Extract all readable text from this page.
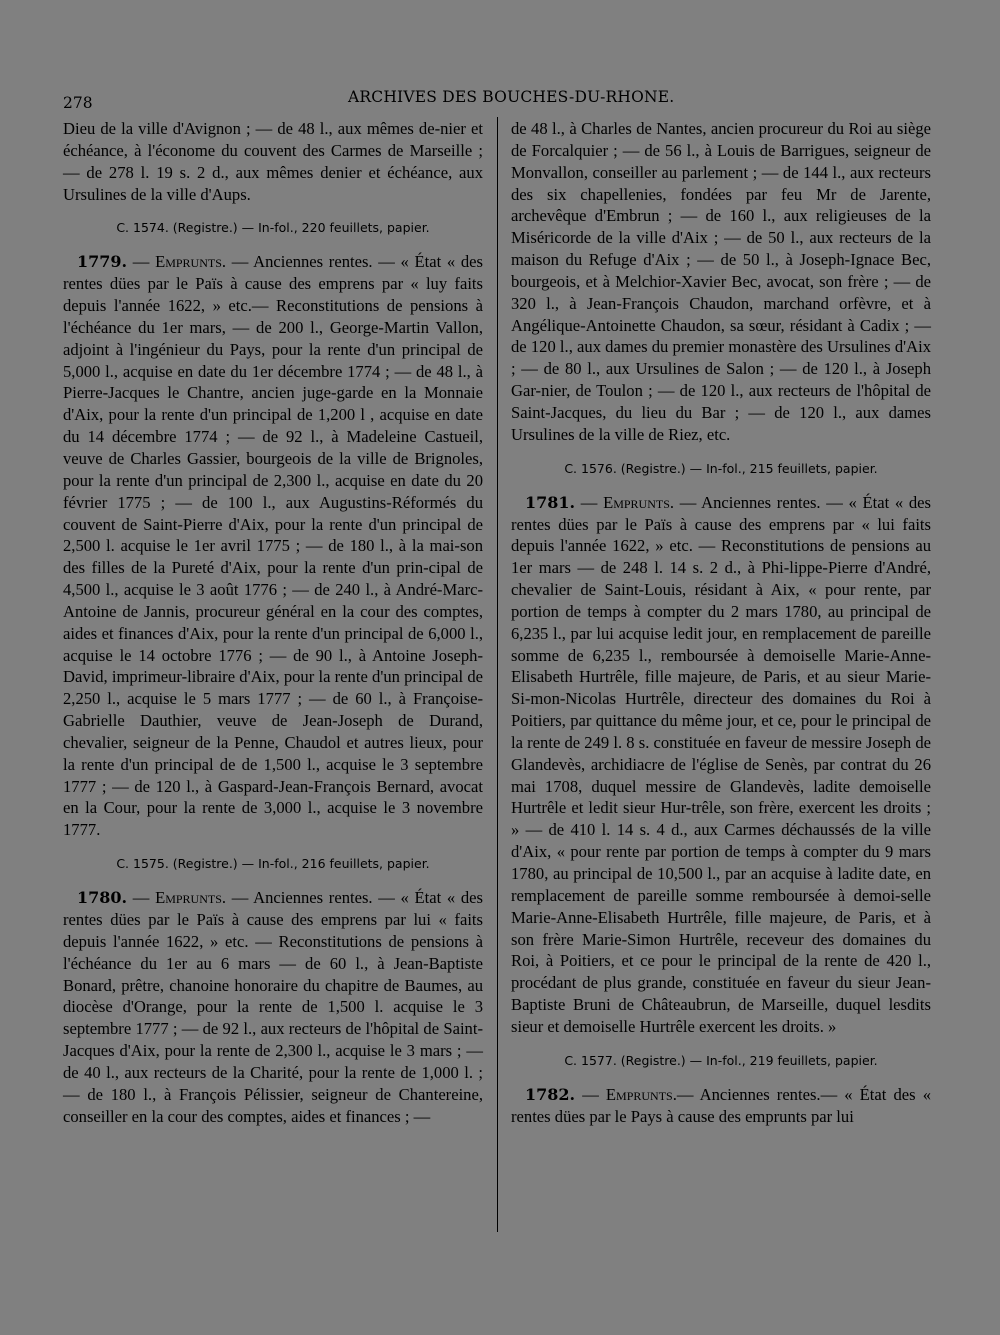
278	ARCHIVES DES BOUCHES-DU-RHONE.

Dieu de la ville d'Avignon ; — de 48 l., aux mêmes de-nier et échéance, à l'économe du couvent des Carmes de Marseille ; — de 278 l. 19 s. 2 d., aux mêmes denier et échéance, aux Ursulines de la ville d'Aups.

C. 1574. (Registre.) — In-fol., 220 feuillets, papier.

1779. — Emprunts. — Anciennes rentes. — « État « des rentes dües par le Païs à cause des emprens par « luy faits depuis l'année 1622, » etc.— Reconstitutions de pensions à l'échéance du 1er mars, — de 200 l., George-Martin Vallon, adjoint à l'ingénieur du Pays, pour la rente d'un principal de 5,000 l., acquise en date du 1er décembre 1774 ; — de 48 l., à Pierre-Jacques le Chantre, ancien juge-garde en la Monnaie d'Aix, pour la rente d'un principal de 1,200 l , acquise en date du 14 décembre 1774 ; — de 92 l., à Madeleine Castueil, veuve de Charles Gassier, bourgeois de la ville de Brignoles, pour la rente d'un principal de 2,300 l., acquise en date du 20 février 1775 ; — de 100 l., aux Augustins-Réformés du couvent de Saint-Pierre d'Aix, pour la rente d'un principal de 2,500 l. acquise le 1er avril 1775 ; — de 180 l., à la mai-son des filles de la Pureté d'Aix, pour la rente d'un prin-cipal de 4,500 l., acquise le 3 août 1776 ; — de 240 l., à André-Marc-Antoine de Jannis, procureur général en la cour des comptes, aides et finances d'Aix, pour la rente d'un principal de 6,000 l., acquise le 14 octobre 1776 ; — de 90 l., à Antoine Joseph-David, imprimeur-libraire d'Aix, pour la rente d'un principal de 2,250 l., acquise le 5 mars 1777 ; — de 60 l., à Françoise-Gabrielle Dauthier, veuve de Jean-Joseph de Durand, chevalier, seigneur de la Penne, Chaudol et autres lieux, pour la rente d'un principal de de 1,500 l., acquise le 3 septembre 1777 ; — de 120 l., à Gaspard-Jean-François Bernard, avocat en la Cour, pour la rente de 3,000 l., acquise le 3 novembre 1777.

C. 1575. (Registre.) — In-fol., 216 feuillets, papier.

1780. — Emprunts. — Anciennes rentes. — « État « des rentes dües par le Païs à cause des emprens par lui « faits depuis l'année 1622, » etc. — Reconstitutions de pensions à l'échéance du 1er au 6 mars — de 60 l., à Jean-Baptiste Bonard, prêtre, chanoine honoraire du chapitre de Baumes, au diocèse d'Orange, pour la rente de 1,500 l. acquise le 3 septembre 1777 ; — de 92 l., aux recteurs de l'hôpital de Saint-Jacques d'Aix, pour la rente de 2,300 l., acquise le 3 mars ; — de 40 l., aux recteurs de la Charité, pour la rente de 1,000 l. ; — de 180 l., à François Pélissier, seigneur de Chantereine, conseiller en la cour des comptes, aides et finances ; —

de 48 l., à Charles de Nantes, ancien procureur du Roi au siège de Forcalquier ; — de 56 l., à Louis de Barrigues, seigneur de Monvallon, conseiller au parlement ; — de 144 l., aux recteurs des six chapellenies, fondées par feu Mr de Jarente, archevêque d'Embrun ; — de 160 l., aux religieuses de la Miséricorde de la ville d'Aix ; — de 50 l., aux recteurs de la maison du Refuge d'Aix ; — de 50 l., à Joseph-Ignace Bec, bourgeois, et à Melchior-Xavier Bec, avocat, son frère ; — de 320 l., à Jean-François Chaudon, marchand orfèvre, et à Angélique-Antoinette Chaudon, sa sœur, résidant à Cadix ; — de 120 l., aux dames du premier monastère des Ursulines d'Aix ; — de 80 l., aux Ursulines de Salon ; — de 120 l., à Joseph Gar-nier, de Toulon ; — de 120 l., aux recteurs de l'hôpital de Saint-Jacques, du lieu du Bar ; — de 120 l., aux dames Ursulines de la ville de Riez, etc.

C. 1576. (Registre.) — In-fol., 215 feuillets, papier.

1781. — Emprunts. — Anciennes rentes. — « État « des rentes dües par le Païs à cause des emprens par « lui faits depuis l'année 1622, » etc. — Reconstitutions de pensions au 1er mars — de 248 l. 14 s. 2 d., à Phi-lippe-Pierre d'André, chevalier de Saint-Louis, résidant à Aix, « pour rente, par portion de temps à compter du 2 mars 1780, au principal de 6,235 l., par lui acquise ledit jour, en remplacement de pareille somme de 6,235 l., remboursée à demoiselle Marie-Anne-Elisabeth Hurtrêle, fille majeure, de Paris, et au sieur Marie-Si-mon-Nicolas Hurtrêle, directeur des domaines du Roi à Poitiers, par quittance du même jour, et ce, pour le principal de la rente de 249 l. 8 s. constituée en faveur de messire Joseph de Glandevès, archidiacre de l'église de Senès, par contrat du 26 mai 1708, duquel messire de Glandevès, ladite demoiselle Hurtrêle et ledit sieur Hur-trêle, son frère, exercent les droits ; » — de 410 l. 14 s. 4 d., aux Carmes déchaussés de la ville d'Aix, « pour rente par portion de temps à compter du 9 mars 1780, au principal de 10,500 l., par an acquise à ladite date, en remplacement de pareille somme remboursée à demoi-selle Marie-Anne-Elisabeth Hurtrêle, fille majeure, de Paris, et à son frère Marie-Simon Hurtrêle, receveur des domaines du Roi, à Poitiers, et ce pour le principal de la rente de 420 l., procédant de plus grande, constituée en faveur du sieur Jean-Baptiste Bruni de Châteaubrun, de Marseille, duquel lesdits sieur et demoiselle Hurtrêle exercent les droits. »

C. 1577. (Registre.) — In-fol., 219 feuillets, papier.

1782. — Emprunts.— Anciennes rentes.— « État des « rentes dües par le Pays à cause des emprunts par lui
